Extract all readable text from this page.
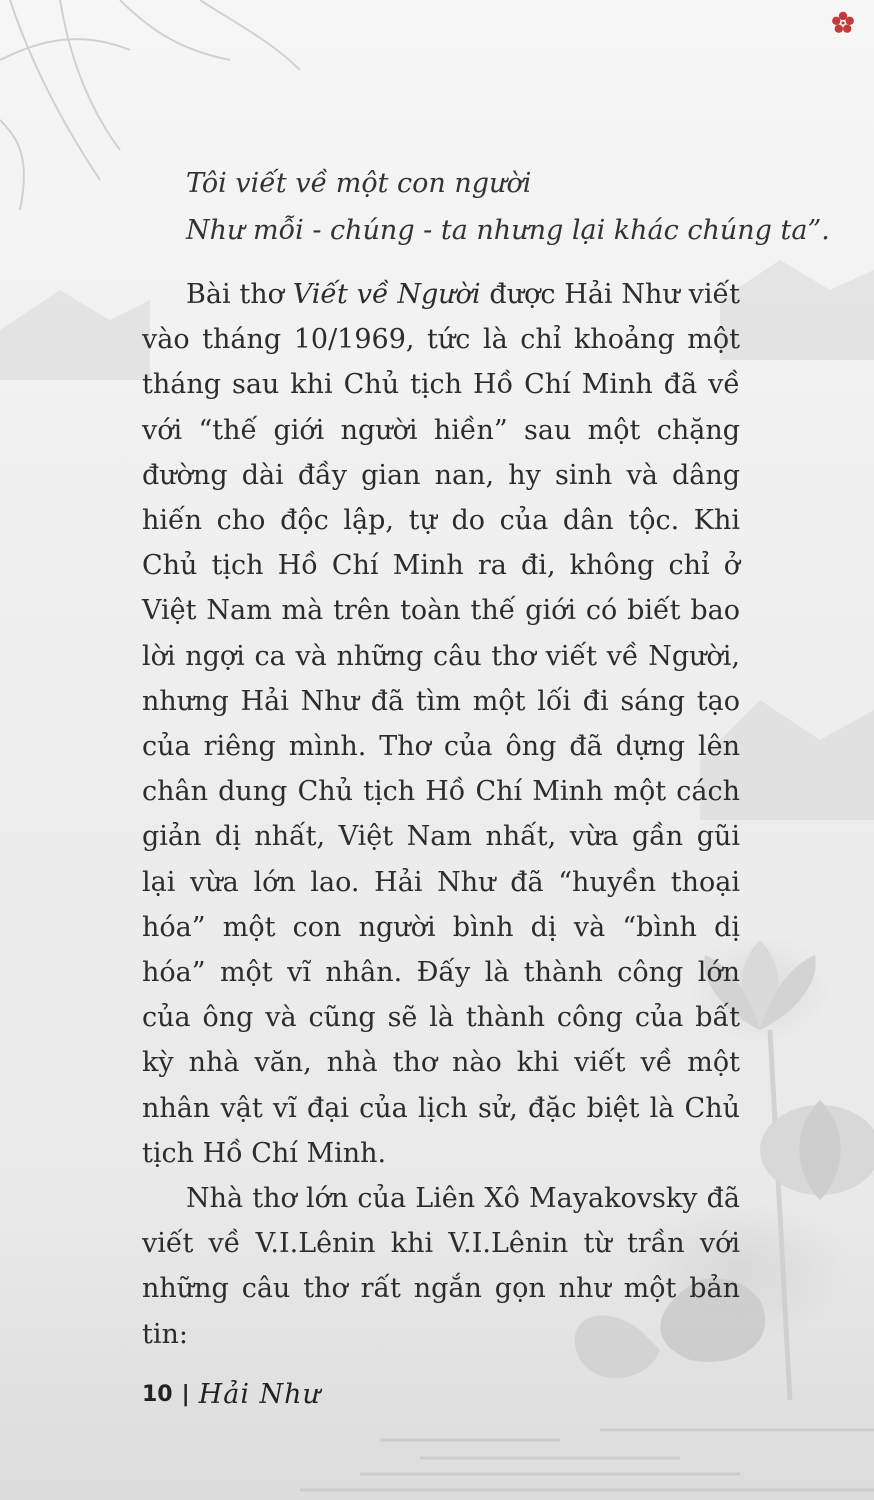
Tôi viết về một con người
Như mỗi - chúng - ta nhưng lại khác chúng ta”.

Bài thơ Viết về Người được Hải Như viết vào tháng 10/1969, tức là chỉ khoảng một tháng sau khi Chủ tịch Hồ Chí Minh đã về với “thế giới người hiền” sau một chặng đường dài đầy gian nan, hy sinh và dâng hiến cho độc lập, tự do của dân tộc. Khi Chủ tịch Hồ Chí Minh ra đi, không chỉ ở Việt Nam mà trên toàn thế giới có biết bao lời ngợi ca và những câu thơ viết về Người, nhưng Hải Như đã tìm một lối đi sáng tạo của riêng mình. Thơ của ông đã dựng lên chân dung Chủ tịch Hồ Chí Minh một cách giản dị nhất, Việt Nam nhất, vừa gần gũi lại vừa lớn lao. Hải Như đã “huyền thoại hóa” một con người bình dị và “bình dị hóa” một vĩ nhân. Đấy là thành công lớn của ông và cũng sẽ là thành công của bất kỳ nhà văn, nhà thơ nào khi viết về một nhân vật vĩ đại của lịch sử, đặc biệt là Chủ tịch Hồ Chí Minh.

Nhà thơ lớn của Liên Xô Mayakovsky đã viết về V.I.Lênin khi V.I.Lênin từ trần với những câu thơ rất ngắn gọn như một bản tin:

10 | Hải Như
